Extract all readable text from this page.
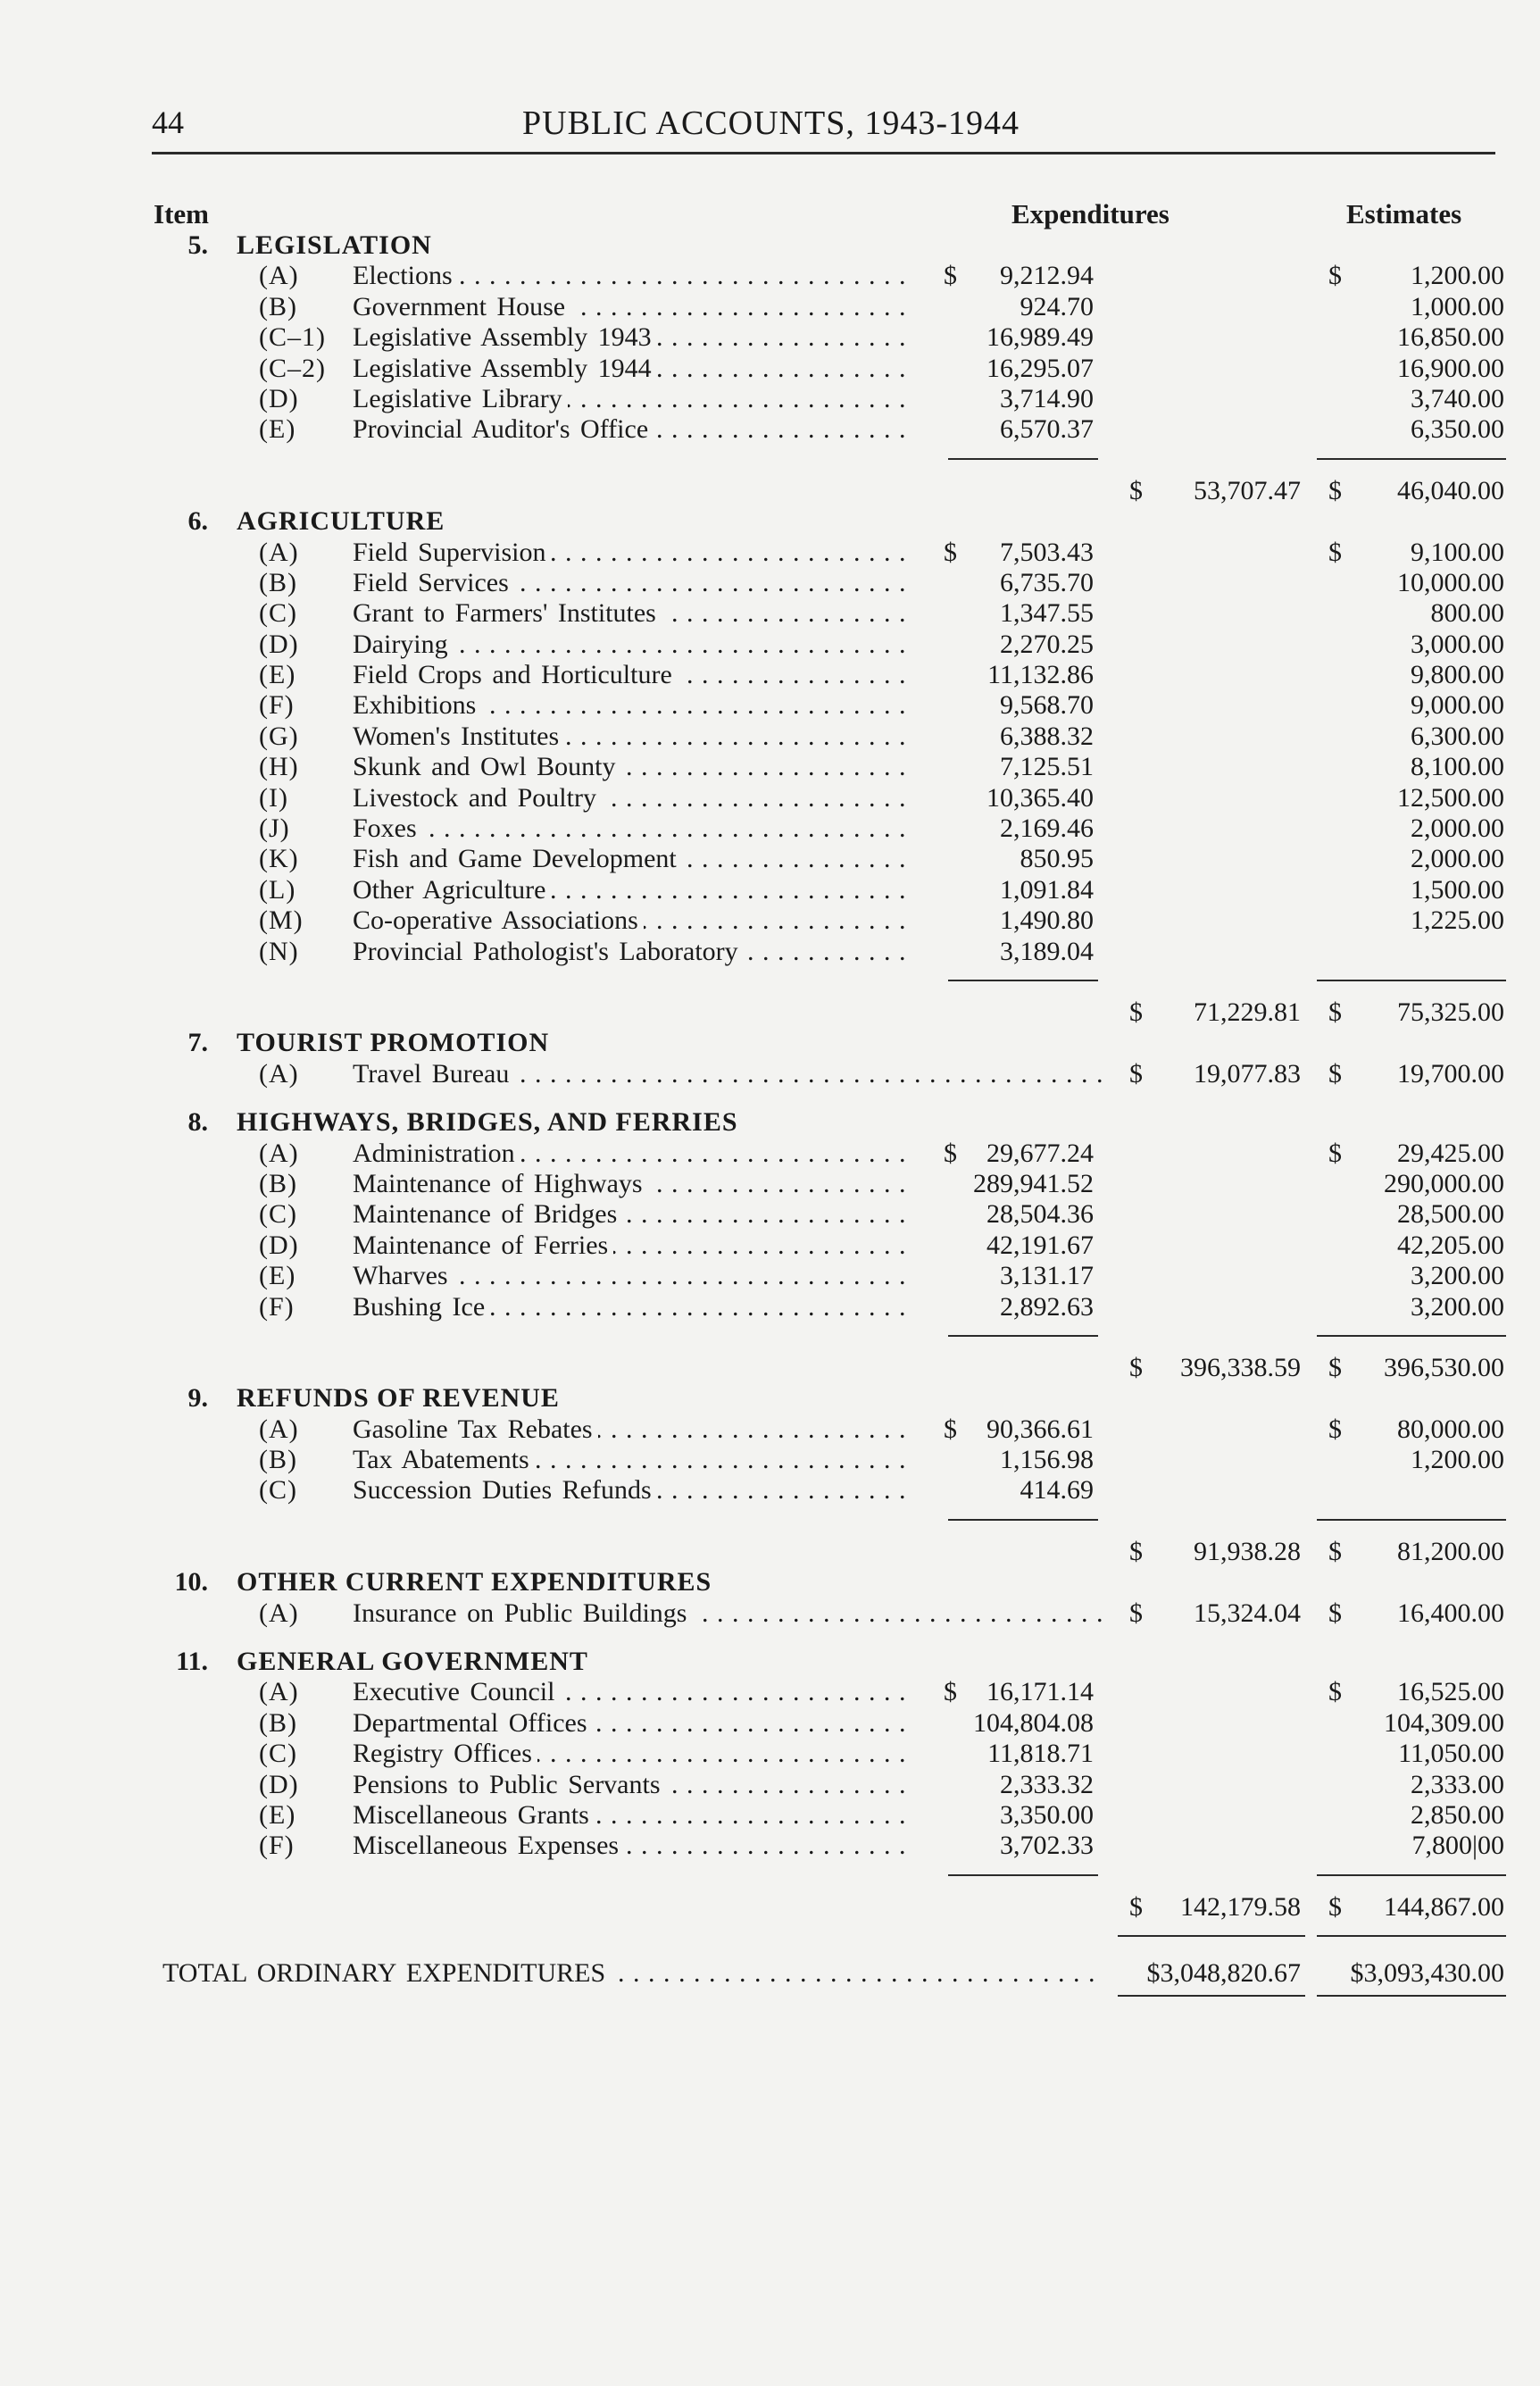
44	PUBLIC ACCOUNTS, 1943-1944
Item	Expenditures	Estimates
5. LEGISLATION
(A)	Elections . . .	$ 9,212.94	$	1,200.00
(B)	Government House . . .	924.70	1,000.00
(C–1)	Legislative Assembly 1943 . . .	16,989.49	16,850.00
(C–2)	Legislative Assembly 1944 . . .	16,295.07	16,900.00
(D)	Legislative Library . . .	3,714.90	3,740.00
(E)	Provincial Auditor's Office . . .	6,570.37	6,350.00
$ 53,707.47 $ 46,040.00
6. AGRICULTURE
(A)	Field Supervision . . .	$ 7,503.43	$	9,100.00
(B)	Field Services . . .	6,735.70	10,000.00
(C)	Grant to Farmers' Institutes . . .	1,347.55	800.00
(D)	Dairying . . .	2,270.25	3,000.00
(E)	Field Crops and Horticulture . . .	11,132.86	9,800.00
(F)	Exhibitions . . .	9,568.70	9,000.00
(G)	Women's Institutes . . .	6,388.32	6,300.00
(H)	Skunk and Owl Bounty . . .	7,125.51	8,100.00
(I)	Livestock and Poultry . . .	10,365.40	12,500.00
(J)	Foxes . . .	2,169.46	2,000.00
(K)	Fish and Game Development . . .	850.95	2,000.00
(L)	Other Agriculture . . .	1,091.84	1,500.00
(M)	Co-operative Associations . . .	1,490.80	1,225.00
(N)	Provincial Pathologist's Laboratory . . .	3,189.04
$ 71,229.81 $ 75,325.00
7. TOURIST PROMOTION
(A)	Travel Bureau . . .	$ 19,077.83 $ 19,700.00
8. HIGHWAYS, BRIDGES, AND FERRIES
(A)	Administration . . .	$ 29,677.24	$ 29,425.00
(B)	Maintenance of Highways . . .	289,941.52	290,000.00
(C)	Maintenance of Bridges . . .	28,504.36	28,500.00
(D)	Maintenance of Ferries . . .	42,191.67	42,205.00
(E)	Wharves . . .	3,131.17	3,200.00
(F)	Bushing Ice . . .	2,892.63	3,200.00
$ 396,338.59 $ 396,530.00
9. REFUNDS OF REVENUE
(A)	Gasoline Tax Rebates . . .	$ 90,366.61	$ 80,000.00
(B)	Tax Abatements . . .	1,156.98	1,200.00
(C)	Succession Duties Refunds . . .	414.69
$ 91,938.28 $ 81,200.00
10. OTHER CURRENT EXPENDITURES
(A)	Insurance on Public Buildings . . .	$ 15,324.04 $ 16,400.00
11. GENERAL GOVERNMENT
(A)	Executive Council . . .	$ 16,171.14	$ 16,525.00
(B)	Departmental Offices . . .	104,804.08	104,309.00
(C)	Registry Offices . . .	11,818.71	11,050.00
(D)	Pensions to Public Servants . . .	2,333.32	2,333.00
(E)	Miscellaneous Grants . . .	3,350.00	2,850.00
(F)	Miscellaneous Expenses . . .	3,702.33	7,800|00
$ 142,179.58 $ 144,867.00
TOTAL ORDINARY EXPENDITURES . . .	$3,048,820.67 $3,093,430.00
